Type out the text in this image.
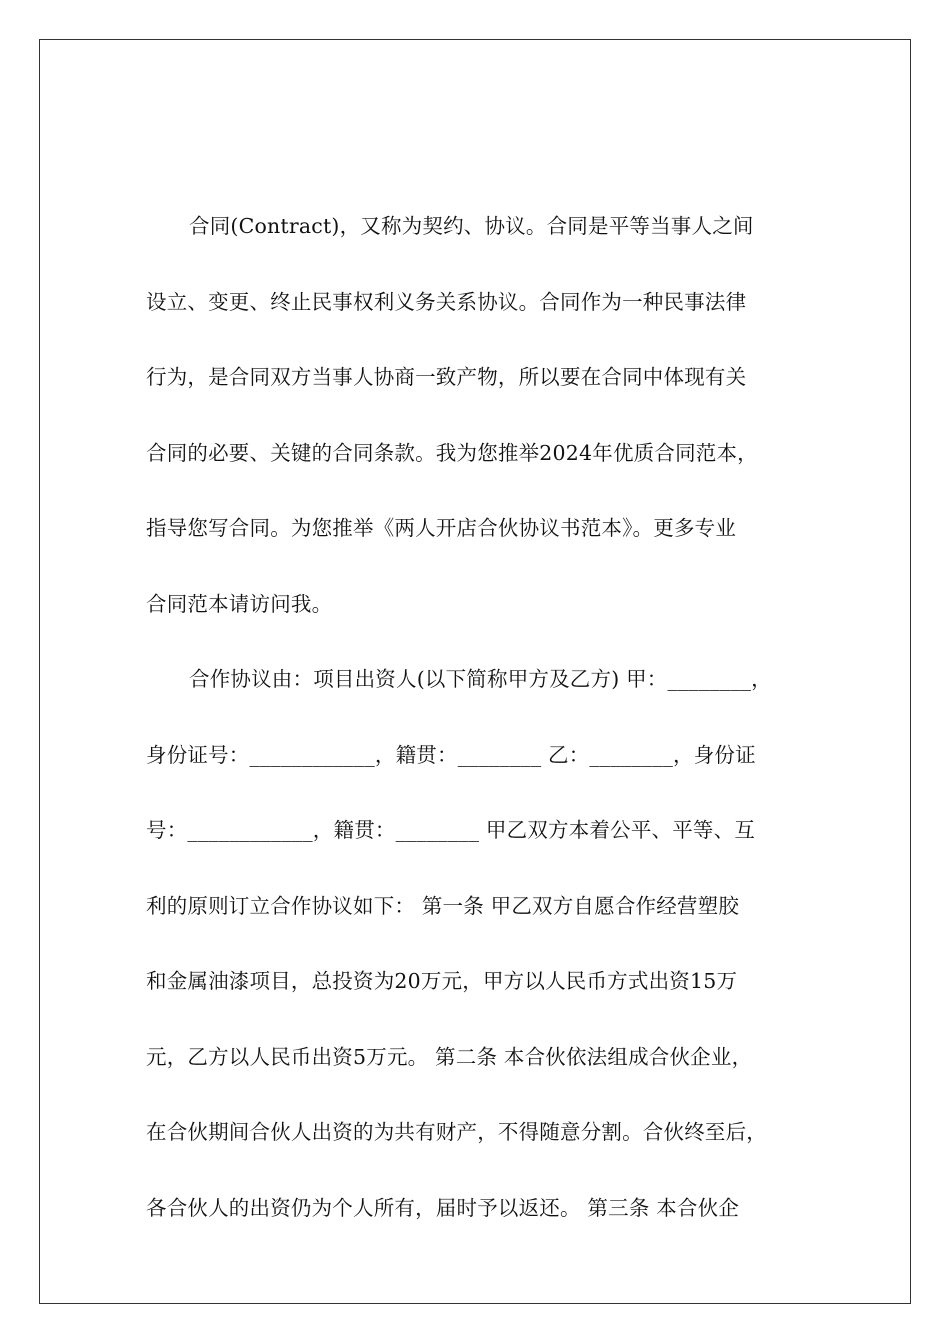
合同(Contract)，又称为契约、协议。合同是平等当事人之间
设立、变更、终止民事权利义务关系协议。合同作为一种民事法律
行为，是合同双方当事人协商一致产物，所以要在合同中体现有关
合同的必要、关键的合同条款。我为您推举2024年优质合同范本，
指导您写合同。为您推举《两人开店合伙协议书范本》。更多专业
合同范本请访问我。
合作协议由：项目出资人(以下简称甲方及乙方) 甲：________，
身份证号：____________，籍贯：________ 乙：________，身份证
号：____________，籍贯：________ 甲乙双方本着公平、平等、互
利的原则订立合作协议如下： 第一条 甲乙双方自愿合作经营塑胶
和金属油漆项目，总投资为20万元，甲方以人民币方式出资15万
元，乙方以人民币出资5万元。 第二条 本合伙依法组成合伙企业，
在合伙期间合伙人出资的为共有财产，不得随意分割。合伙终至后，
各合伙人的出资仍为个人所有，届时予以返还。 第三条 本合伙企
